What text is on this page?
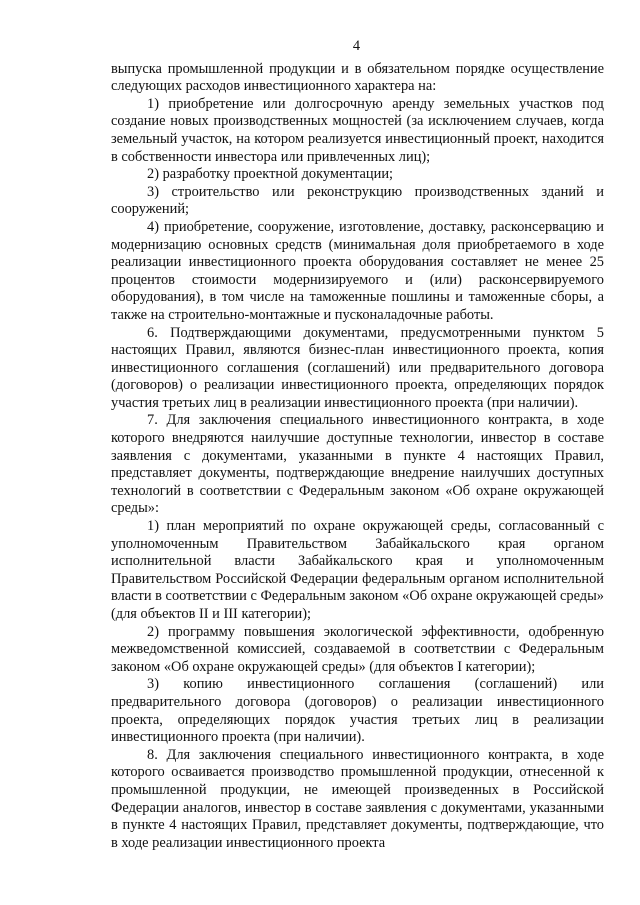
4

выпуска промышленной продукции и в обязательном порядке осуществление следующих расходов инвестиционного характера на:

1) приобретение или долгосрочную аренду земельных участков под создание новых производственных мощностей (за исключением случаев, когда земельный участок, на котором реализуется инвестиционный проект, находится в собственности инвестора или привлеченных лиц);

2) разработку проектной документации;

3) строительство или реконструкцию производственных зданий и сооружений;

4) приобретение, сооружение, изготовление, доставку, расконсервацию и модернизацию основных средств (минимальная доля приобретаемого в ходе реализации инвестиционного проекта оборудования составляет не менее 25 процентов стоимости модернизируемого и (или) расконсервируемого оборудования), в том числе на таможенные пошлины и таможенные сборы, а также на строительно-монтажные и пусконаладочные работы.

6. Подтверждающими документами, предусмотренными пунктом 5 настоящих Правил, являются бизнес-план инвестиционного проекта, копия инвестиционного соглашения (соглашений) или предварительного договора (договоров) о реализации инвестиционного проекта, определяющих порядок участия третьих лиц в реализации инвестиционного проекта (при наличии).

7. Для заключения специального инвестиционного контракта, в ходе которого внедряются наилучшие доступные технологии, инвестор в составе заявления с документами, указанными в пункте 4 настоящих Правил, представляет документы, подтверждающие внедрение наилучших доступных технологий в соответствии с Федеральным законом «Об охране окружающей среды»:

1) план мероприятий по охране окружающей среды, согласованный с уполномоченным Правительством Забайкальского края органом исполнительной власти Забайкальского края и уполномоченным Правительством Российской Федерации федеральным органом исполнительной власти в соответствии с Федеральным законом «Об охране окружающей среды» (для объектов II и III категории);

2) программу повышения экологической эффективности, одобренную межведомственной комиссией, создаваемой в соответствии с Федеральным законом «Об охране окружающей среды» (для объектов I категории);

3) копию инвестиционного соглашения (соглашений) или предварительного договора (договоров) о реализации инвестиционного проекта, определяющих порядок участия третьих лиц в реализации инвестиционного проекта (при наличии).

8. Для заключения специального инвестиционного контракта, в ходе которого осваивается производство промышленной продукции, отнесенной к промышленной продукции, не имеющей произведенных в Российской Федерации аналогов, инвестор в составе заявления с документами, указанными в пункте 4 настоящих Правил, представляет документы, подтверждающие, что в ходе реализации инвестиционного проекта
